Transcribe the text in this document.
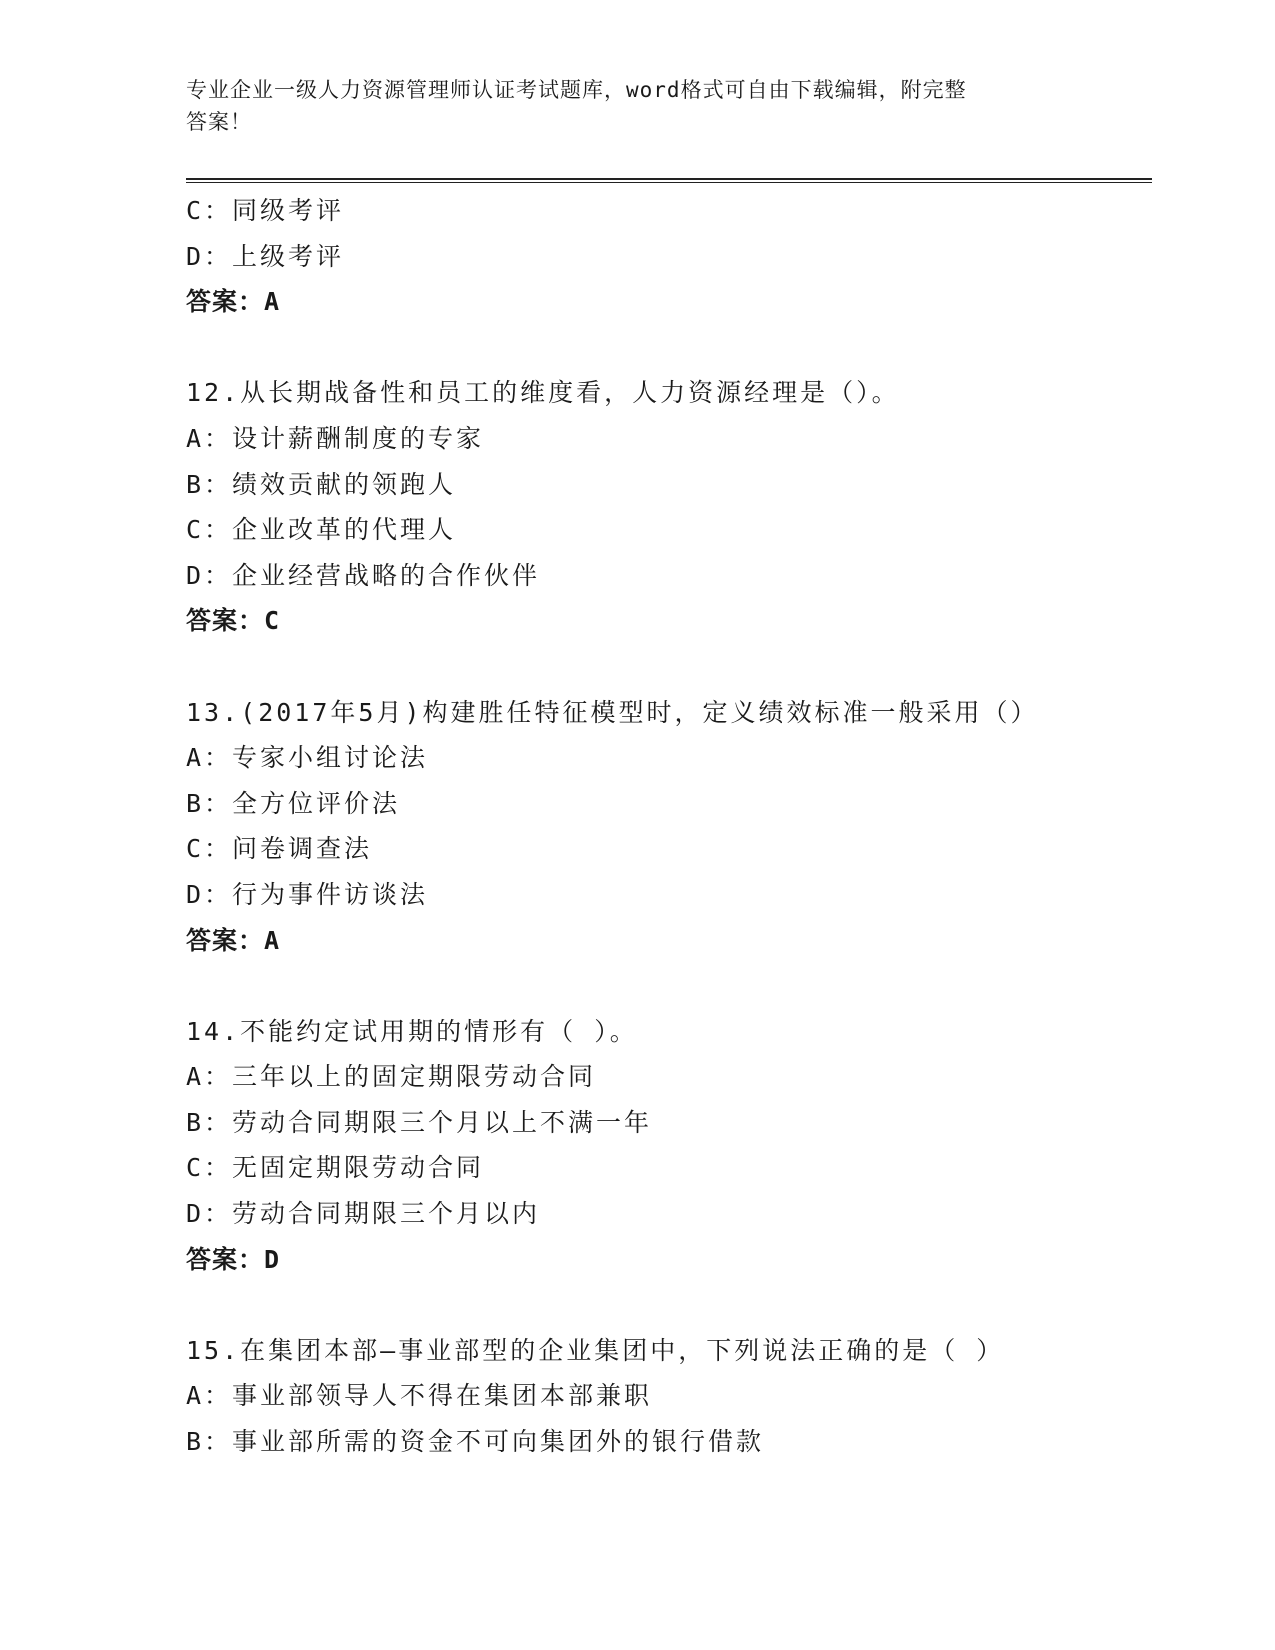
专业企业一级人力资源管理师认证考试题库，word格式可自由下载编辑，附完整
答案！
C：同级考评
D：上级考评
答案：A
12.从长期战备性和员工的维度看，人力资源经理是（）。
A：设计薪酬制度的专家
B：绩效贡献的领跑人
C：企业改革的代理人
D：企业经营战略的合作伙伴
答案：C
13.(2017年5月)构建胜任特征模型时，定义绩效标准一般采用（）
A：专家小组讨论法
B：全方位评价法
C：问卷调查法
D：行为事件访谈法
答案：A
14.不能约定试用期的情形有（ ）。
A：三年以上的固定期限劳动合同
B：劳动合同期限三个月以上不满一年
C：无固定期限劳动合同
D：劳动合同期限三个月以内
答案：D
15.在集团本部—事业部型的企业集团中，下列说法正确的是（ ）
A：事业部领导人不得在集团本部兼职
B：事业部所需的资金不可向集团外的银行借款
